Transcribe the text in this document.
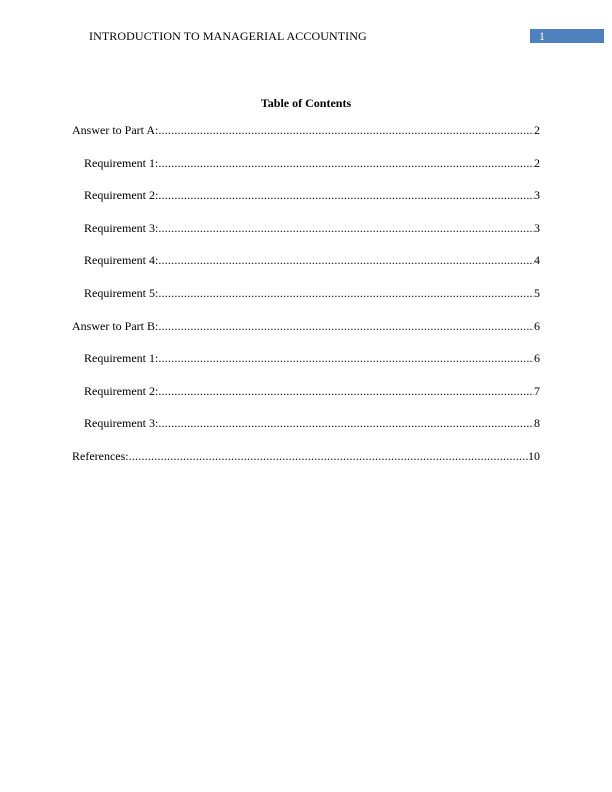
INTRODUCTION TO MANAGERIAL ACCOUNTING	1
Table of Contents
Answer to Part A: .....	2
Requirement 1: .....	2
Requirement 2: .....	3
Requirement 3: .....	3
Requirement 4: .....	4
Requirement 5: .....	5
Answer to Part B: .....	6
Requirement 1: .....	6
Requirement 2: .....	7
Requirement 3: .....	8
References: .....	10
